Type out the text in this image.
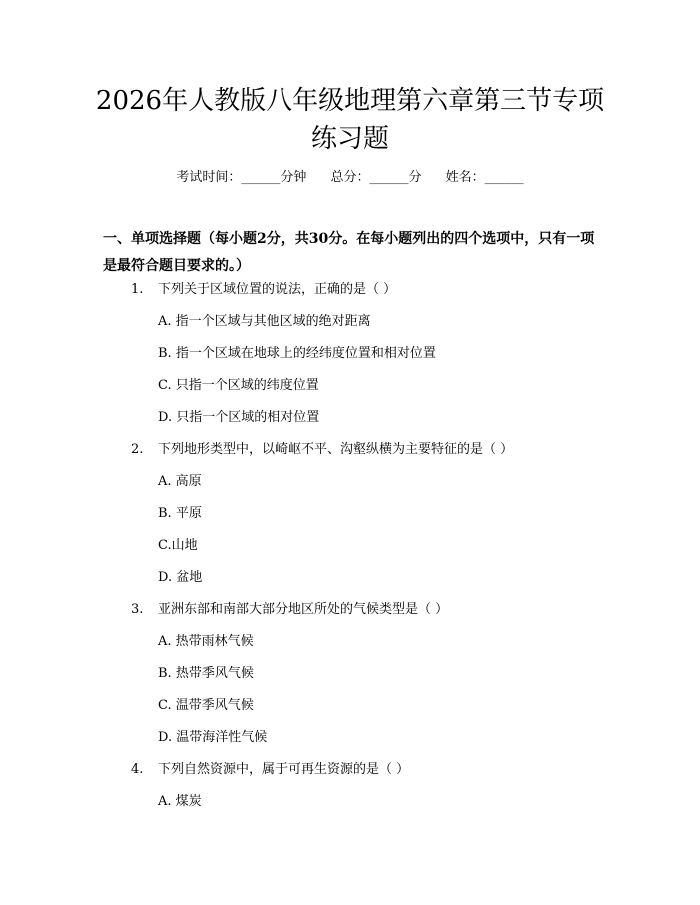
2026年人教版八年级地理第六章第三节专项
练习题
考试时间：______分钟 总分：______分 姓名：______
一、单项选择题（每小题2分，共30分。在每小题列出的四个选项中，只有一项
是最符合题目要求的。）
1. 下列关于区域位置的说法，正确的是（ ）
A. 指一个区域与其他区域的绝对距离
B. 指一个区域在地球上的经纬度位置和相对位置
C. 只指一个区域的纬度位置
D. 只指一个区域的相对位置
2. 下列地形类型中，以崎岖不平、沟壑纵横为主要特征的是（ ）
A. 高原
B. 平原
C.山地
D. 盆地
3. 亚洲东部和南部大部分地区所处的气候类型是（ ）
A. 热带雨林气候
B. 热带季风气候
C. 温带季风气候
D. 温带海洋性气候
4. 下列自然资源中，属于可再生资源的是（ ）
A. 煤炭
